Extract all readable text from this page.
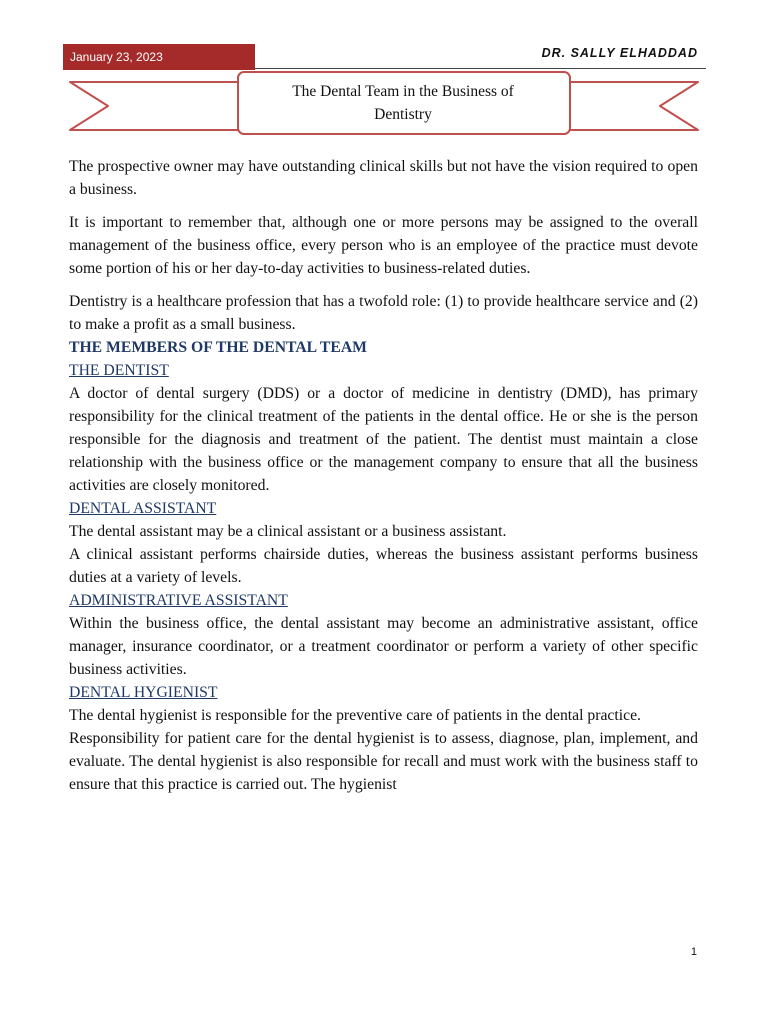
January 23, 2023	DR. SALLY ELHADDAD
The Dental Team in the Business of
Dentistry

The prospective owner may have outstanding clinical skills but not have the vision required to open a business.

It is important to remember that, although one or more persons may be assigned to the overall management of the business office, every person who is an employee of the practice must devote some portion of his or her day-to-day activities to business-related duties.

Dentistry is a healthcare profession that has a twofold role: (1) to provide healthcare service and (2) to make a profit as a small business.

THE MEMBERS OF THE DENTAL TEAM

THE DENTIST

A doctor of dental surgery (DDS) or a doctor of medicine in dentistry (DMD), has primary responsibility for the clinical treatment of the patients in the dental office. He or she is the person responsible for the diagnosis and treatment of the patient. The dentist must maintain a close relationship with the business office or the management company to ensure that all the business activities are closely monitored.

DENTAL ASSISTANT

The dental assistant may be a clinical assistant or a business assistant.

A clinical assistant performs chairside duties, whereas the business assistant performs business duties at a variety of levels.

ADMINISTRATIVE ASSISTANT

Within the business office, the dental assistant may become an administrative assistant, office manager, insurance coordinator, or a treatment coordinator or perform a variety of other specific business activities.

DENTAL HYGIENIST

The dental hygienist is responsible for the preventive care of patients in the dental practice.

Responsibility for patient care for the dental hygienist is to assess, diagnose, plan, implement, and evaluate. The dental hygienist is also responsible for recall and must work with the business staff to ensure that this practice is carried out. The hygienist

1
